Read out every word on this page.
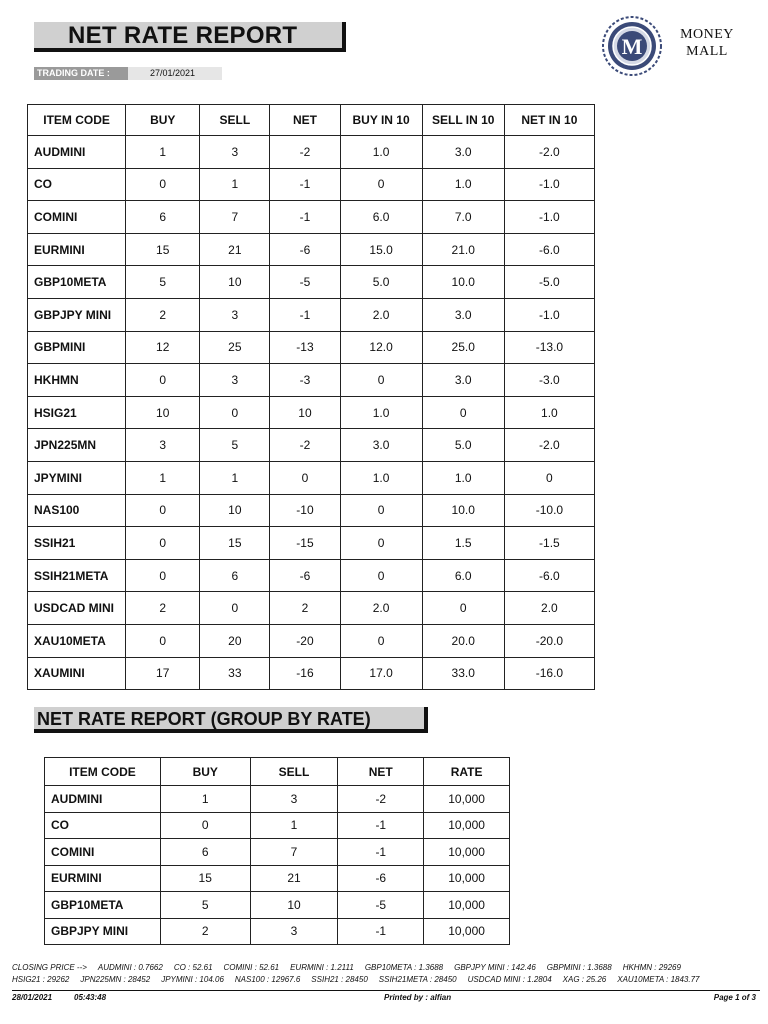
NET RATE REPORT
TRADING DATE :	27/01/2021
M	MONEY
MALL
ITEM CODE	BUY	SELL	NET	BUY IN 10	SELL IN 10	NET IN 10
AUDMINI	1	3	-2	1.0	3.0	-2.0
CO	0	1	-1	0	1.0	-1.0
COMINI	6	7	-1	6.0	7.0	-1.0
EURMINI	15	21	-6	15.0	21.0	-6.0
GBP10META	5	10	-5	5.0	10.0	-5.0
GBPJPY MINI	2	3	-1	2.0	3.0	-1.0
GBPMINI	12	25	-13	12.0	25.0	-13.0
HKHMN	0	3	-3	0	3.0	-3.0
HSIG21	10	0	10	1.0	0	1.0
JPN225MN	3	5	-2	3.0	5.0	-2.0
JPYMINI	1	1	0	1.0	1.0	0
NAS100	0	10	-10	0	10.0	-10.0
SSIH21	0	15	-15	0	1.5	-1.5
SSIH21META	0	6	-6	0	6.0	-6.0
USDCAD MINI	2	0	2	2.0	0	2.0
XAU10META	0	20	-20	0	20.0	-20.0
XAUMINI	17	33	-16	17.0	33.0	-16.0
NET RATE REPORT (GROUP BY RATE)
ITEM CODE	BUY	SELL	NET	RATE
AUDMINI	1	3	-2	10,000
CO	0	1	-1	10,000
COMINI	6	7	-1	10,000
EURMINI	15	21	-6	10,000
GBP10META	5	10	-5	10,000
GBPJPY MINI	2	3	-1	10,000
CLOSING PRICE --> AUDMINI : 0.7662 CO : 52.61 COMINI : 52.61 EURMINI : 1.2111 GBP10META : 1.3688 GBPJPY MINI : 142.46 GBPMINI : 1.3688 HKHMN : 29269
HSIG21 : 29262 JPN225MN : 28452 JPYMINI : 104.06 NAS100 : 12967.6 SSIH21 : 28450 SSIH21META : 28450 USDCAD MINI : 1.2804 XAG : 25.26 XAU10META : 1843.77
28/01/2021	05:43:48	Printed by : alfian	Page 1 of 3
